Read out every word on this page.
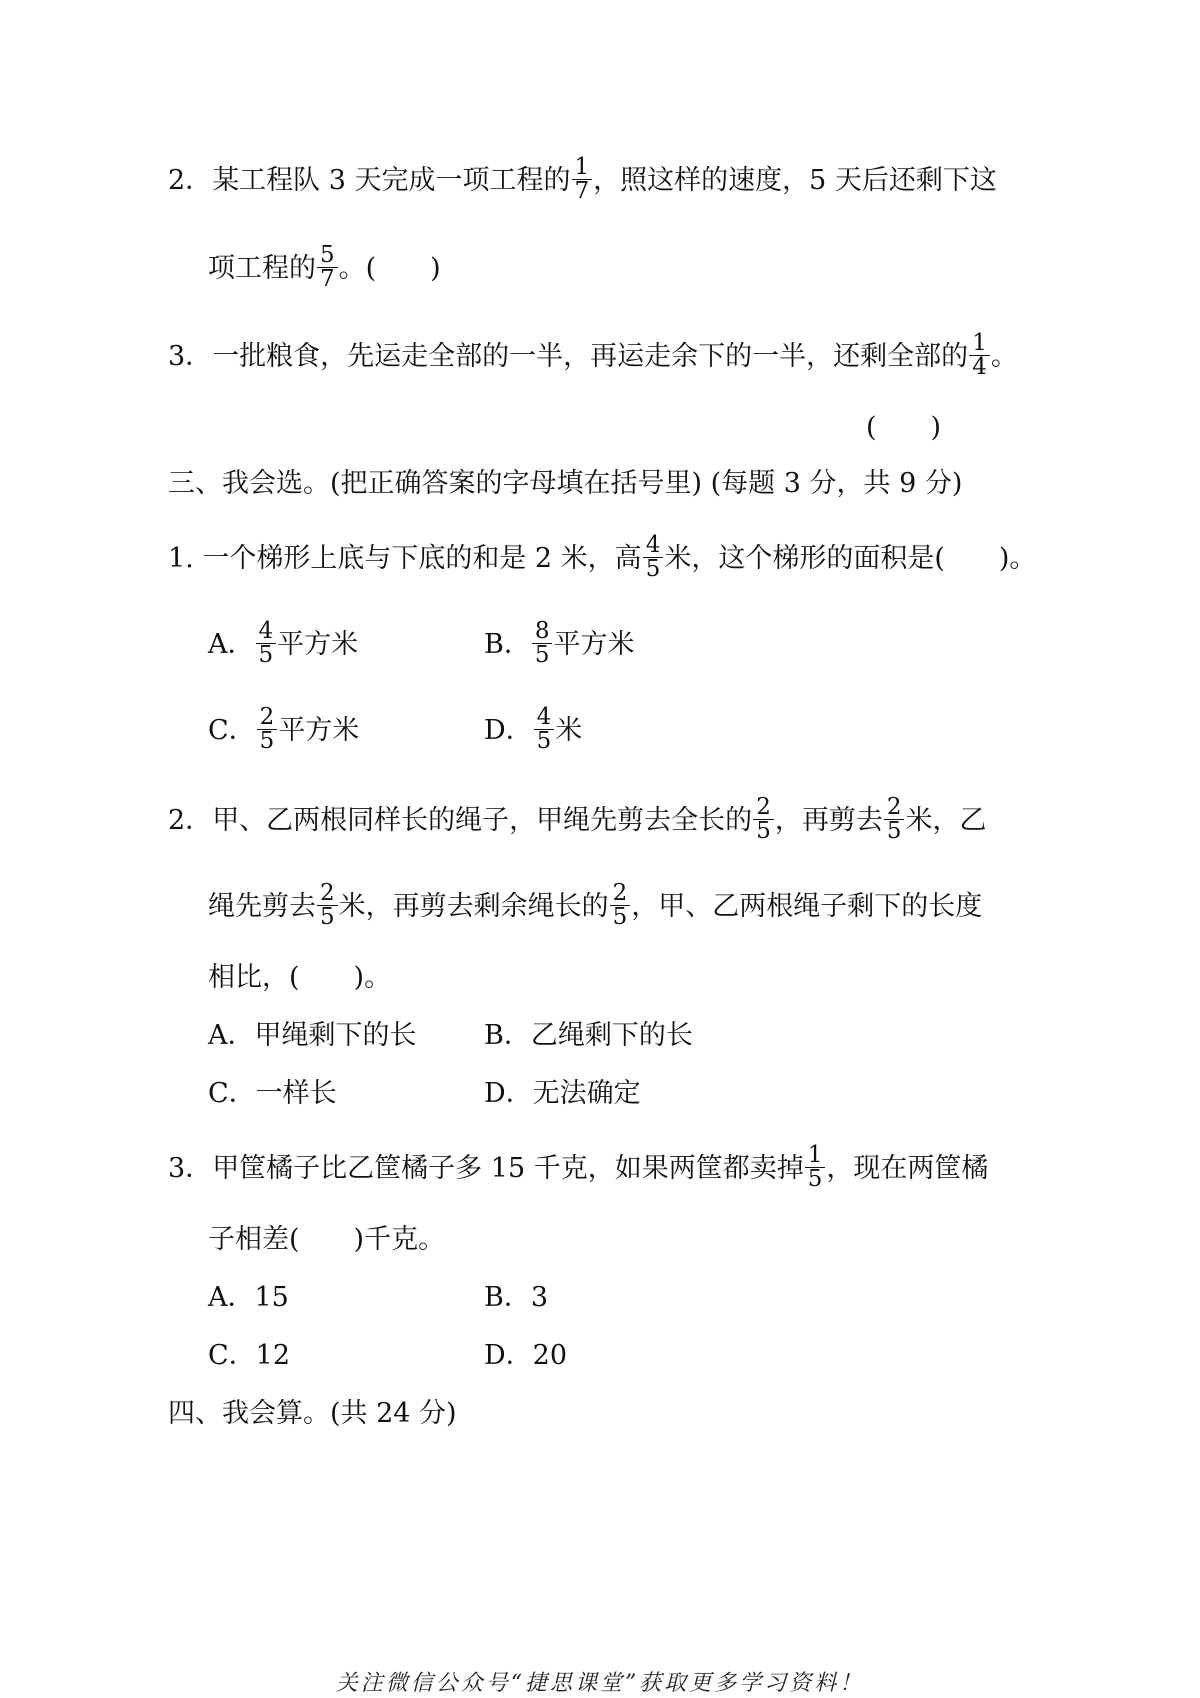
2．某工程队 3 天完成一项工程的 $\frac{1}{7}$ ，照这样的速度，5 天后还剩下这
项工程的 $\frac{5}{7}$ 。(　　)
3．一批粮食，先运走全部的一半，再运走余下的一半，还剩全部的 $\frac{1}{4}$ 。
(　　)
三、我会选。(把正确答案的字母填在括号里) (每题 3 分，共 9 分)
1. 一个梯形上底与下底的和是 2 米，高 $\frac{4}{5}$ 米，这个梯形的面积是(　　)。
A． $\frac{4}{5}$ 平方米	B． $\frac{8}{5}$ 平方米
C． $\frac{2}{5}$ 平方米	D． $\frac{4}{5}$ 米
2．甲、乙两根同样长的绳子，甲绳先剪去全长的 $\frac{2}{5}$ ，再剪去 $\frac{2}{5}$ 米，乙
绳先剪去 $\frac{2}{5}$ 米，再剪去剩余绳长的 $\frac{2}{5}$ ，甲、乙两根绳子剩下的长度
相比，(　　)。
A．甲绳剩下的长	B．乙绳剩下的长
C．一样长	D．无法确定
3．甲筐橘子比乙筐橘子多 15 千克，如果两筐都卖掉 $\frac{1}{5}$ ，现在两筐橘
子相差(　　)千克。
A．15	B．3
C．12	D．20
四、我会算。(共 24 分)
关注微信公众号“捷思课堂”获取更多学习资料！
